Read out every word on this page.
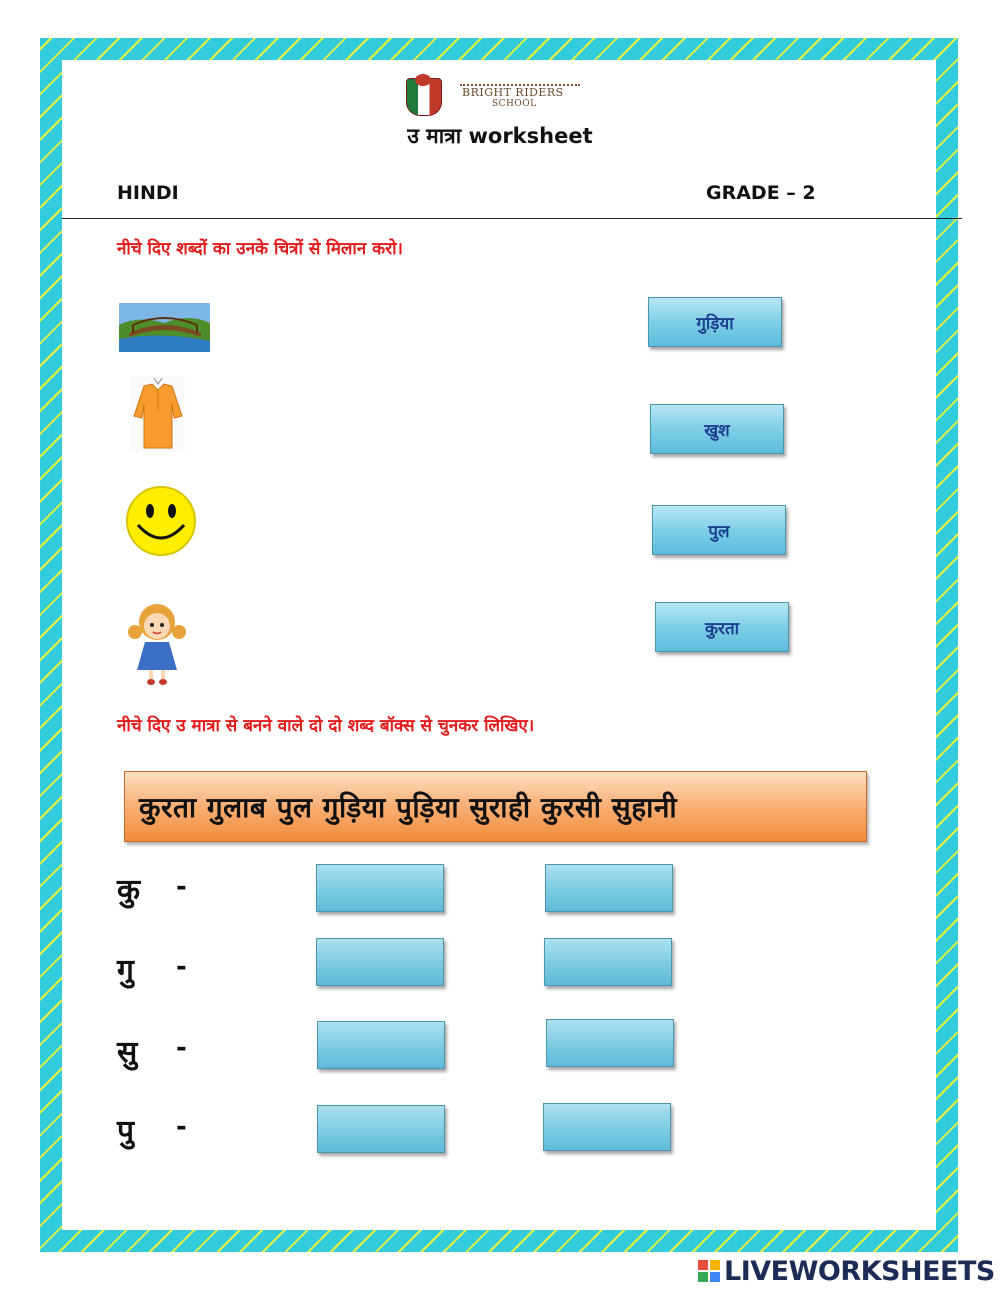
BRIGHT RIDERS
SCHOOL
उ मात्रा worksheet
HINDI	GRADE – 2
नीचे दिए शब्दों का उनके चित्रों से मिलान करो।
गुड़िया
खुश
पुल
कुरता
नीचे दिए उ मात्रा से बनने वाले दो दो शब्द बॉक्स से चुनकर लिखिए।
कुरता गुलाब पुल गुड़िया पुड़िया सुराही कुरसी सुहानी
कु -
गु -
सु -
पु -
LIVEWORKSHEETS
